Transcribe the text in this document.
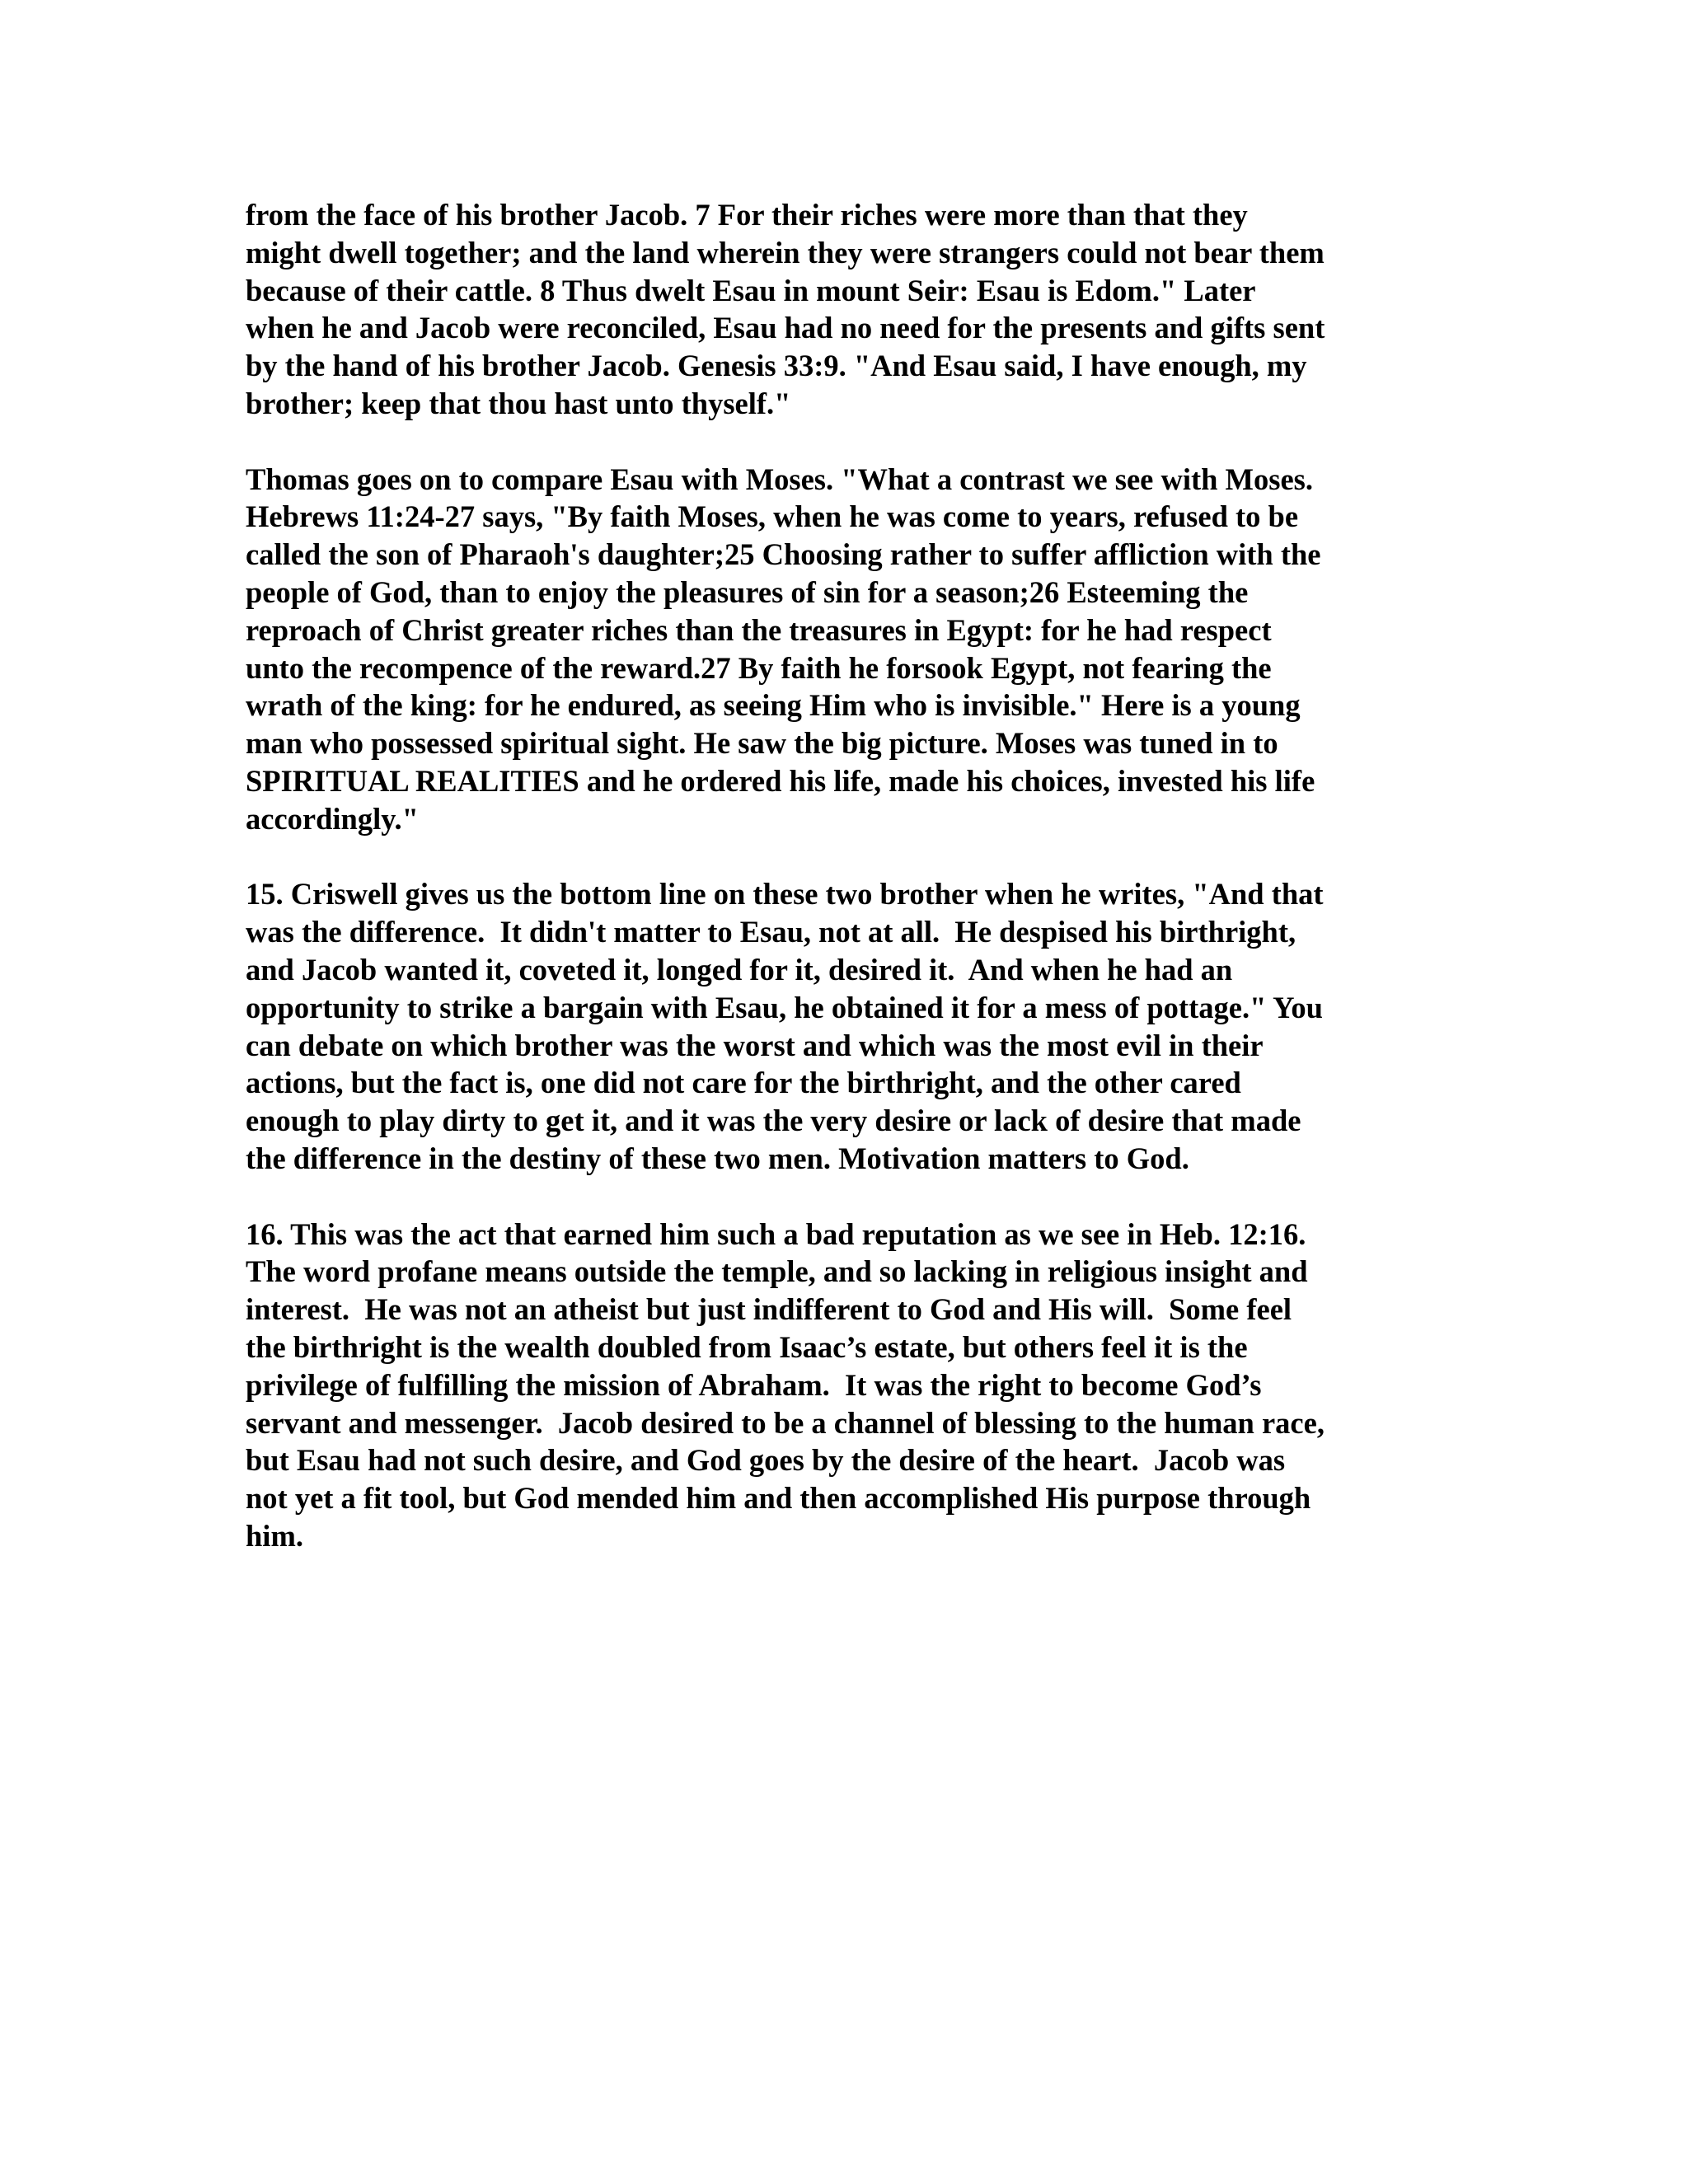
from the face of his brother Jacob. 7 For their riches were more than that they
might dwell together; and the land wherein they were strangers could not bear them
because of their cattle. 8 Thus dwelt Esau in mount Seir: Esau is Edom." Later
when he and Jacob were reconciled, Esau had no need for the presents and gifts sent
by the hand of his brother Jacob. Genesis 33:9. "And Esau said, I have enough, my
brother; keep that thou hast unto thyself."
Thomas goes on to compare Esau with Moses. "What a contrast we see with Moses.
Hebrews 11:24-27 says, "By faith Moses, when he was come to years, refused to be
called the son of Pharaoh's daughter;25 Choosing rather to suffer affliction with the
people of God, than to enjoy the pleasures of sin for a season;26 Esteeming the
reproach of Christ greater riches than the treasures in Egypt: for he had respect
unto the recompence of the reward.27 By faith he forsook Egypt, not fearing the
wrath of the king: for he endured, as seeing Him who is invisible." Here is a young
man who possessed spiritual sight. He saw the big picture. Moses was tuned in to
SPIRITUAL REALITIES and he ordered his life, made his choices, invested his life
accordingly."
15. Criswell gives us the bottom line on these two brother when he writes, "And that
was the difference.  It didn't matter to Esau, not at all.  He despised his birthright,
and Jacob wanted it, coveted it, longed for it, desired it.  And when he had an
opportunity to strike a bargain with Esau, he obtained it for a mess of pottage." You
can debate on which brother was the worst and which was the most evil in their
actions, but the fact is, one did not care for the birthright, and the other cared
enough to play dirty to get it, and it was the very desire or lack of desire that made
the difference in the destiny of these two men. Motivation matters to God.
16. This was the act that earned him such a bad reputation as we see in Heb. 12:16.
The word profane means outside the temple, and so lacking in religious insight and
interest.  He was not an atheist but just indifferent to God and His will.  Some feel
the birthright is the wealth doubled from Isaac’s estate, but others feel it is the
privilege of fulfilling the mission of Abraham.  It was the right to become God’s
servant and messenger.  Jacob desired to be a channel of blessing to the human race,
but Esau had not such desire, and God goes by the desire of the heart.  Jacob was
not yet a fit tool, but God mended him and then accomplished His purpose through
him.
